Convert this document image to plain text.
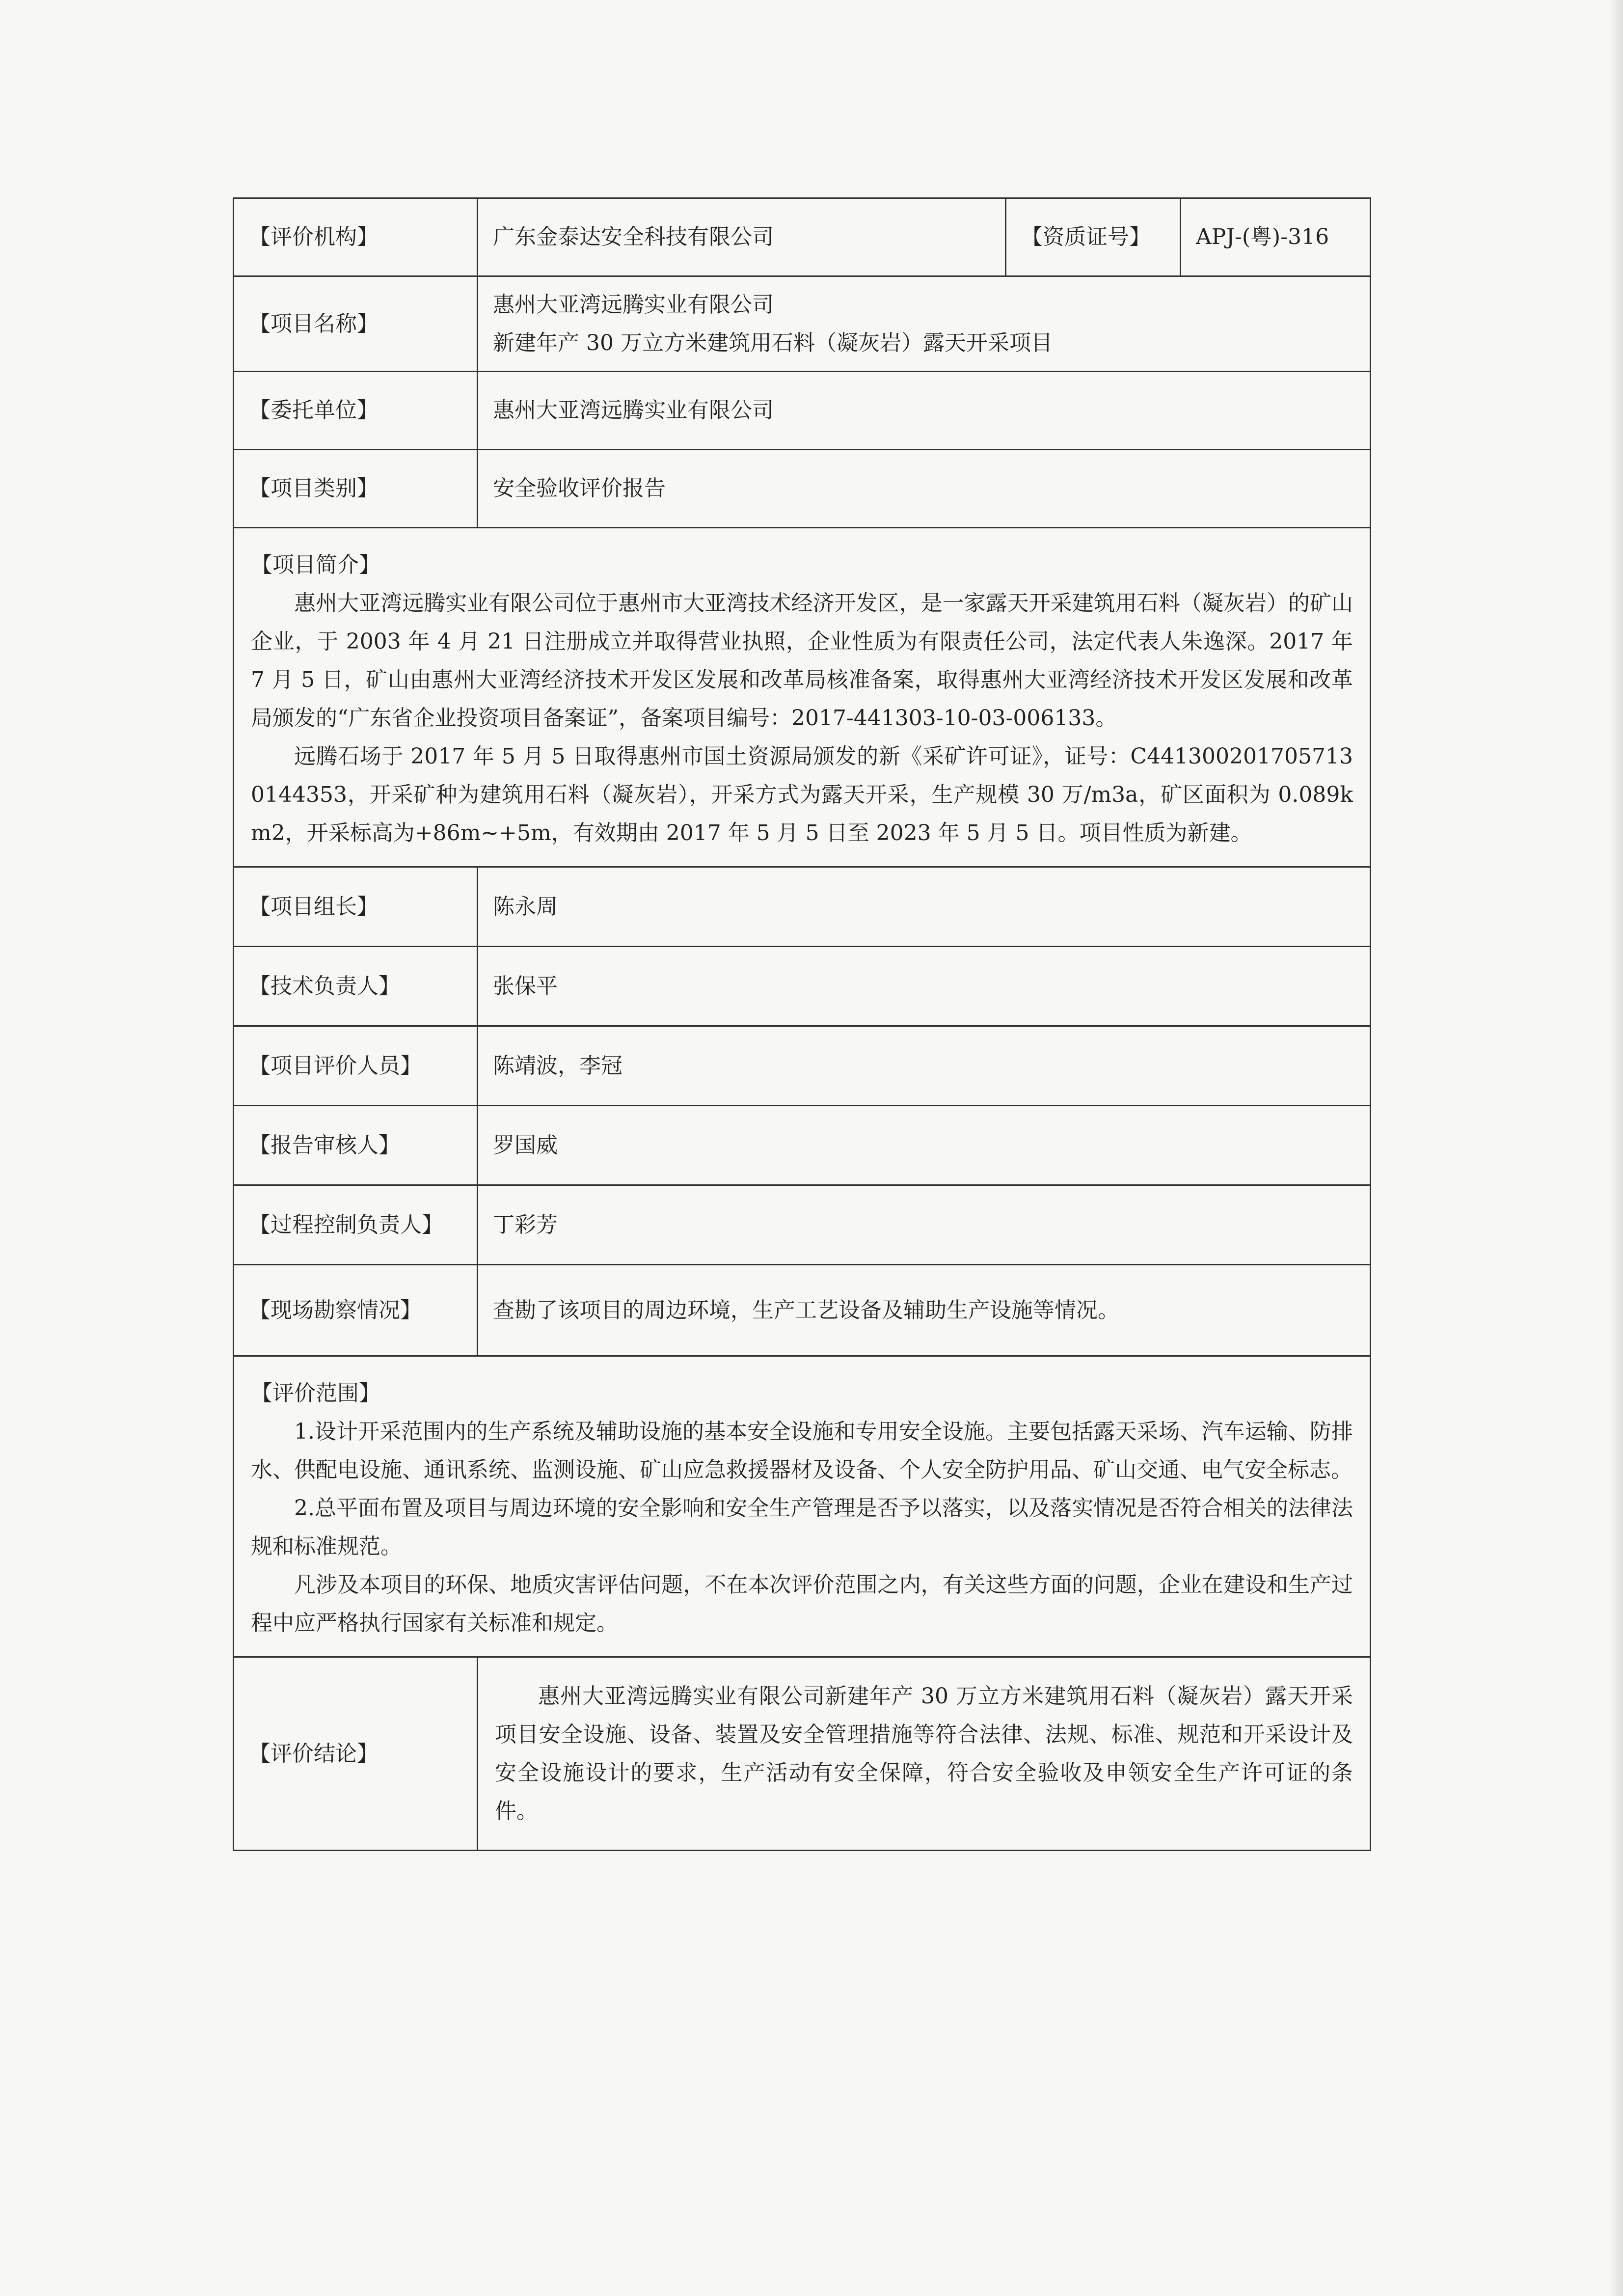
【评价机构】	广东金泰达安全科技有限公司	【资质证号】	APJ-(粤)-316
【项目名称】	惠州大亚湾远腾实业有限公司
新建年产 30 万立方米建筑用石料（凝灰岩）露天开采项目		

【委托单位】	惠州大亚湾远腾实业有限公司		
【项目类别】	安全验收评价报告		

【项目简介】
惠州大亚湾远腾实业有限公司位于惠州市大亚湾技术经济开发区，是一家露天开采建筑用石料（凝灰岩）的矿山企业，于 2003 年 4 月 21 日注册成立并取得营业执照，企业性质为有限责任公司，法定代表人朱逸深。2017 年 7 月 5 日，矿山由惠州大亚湾经济技术开发区发展和改革局核准备案，取得惠州大亚湾经济技术开发区发展和改革局颁发的“广东省企业投资项目备案证”，备案项目编号：2017-441303-10-03-006133。
远腾石场于 2017 年 5 月 5 日取得惠州市国土资源局颁发的新《采矿许可证》，证号：C4413002017057130144353，开采矿种为建筑用石料（凝灰岩），开采方式为露天开采，生产规模 30 万/m3a，矿区面积为 0.089km2，开采标高为+86m~+5m，有效期由 2017 年 5 月 5 日至 2023 年 5 月 5 日。项目性质为新建。			

【项目组长】	陈永周		
【技术负责人】	张保平		
【项目评价人员】	陈靖波，李冠		
【报告审核人】	罗国威		
【过程控制负责人】	丁彩芳		
【现场勘察情况】	查勘了该项目的周边环境，生产工艺设备及辅助生产设施等情况。		

【评价范围】
1.设计开采范围内的生产系统及辅助设施的基本安全设施和专用安全设施。主要包括露天采场、汽车运输、防排水、供配电设施、通讯系统、监测设施、矿山应急救援器材及设备、个人安全防护用品、矿山交通、电气安全标志。
2.总平面布置及项目与周边环境的安全影响和安全生产管理是否予以落实，以及落实情况是否符合相关的法律法规和标准规范。
凡涉及本项目的环保、地质灾害评估问题，不在本次评价范围之内，有关这些方面的问题，企业在建设和生产过程中应严格执行国家有关标准和规定。			

【评价结论】	惠州大亚湾远腾实业有限公司新建年产 30 万立方米建筑用石料（凝灰岩）露天开采项目安全设施、设备、装置及安全管理措施等符合法律、法规、标准、规范和开采设计及安全设施设计的要求，生产活动有安全保障，符合安全验收及申领安全生产许可证的条件。		
